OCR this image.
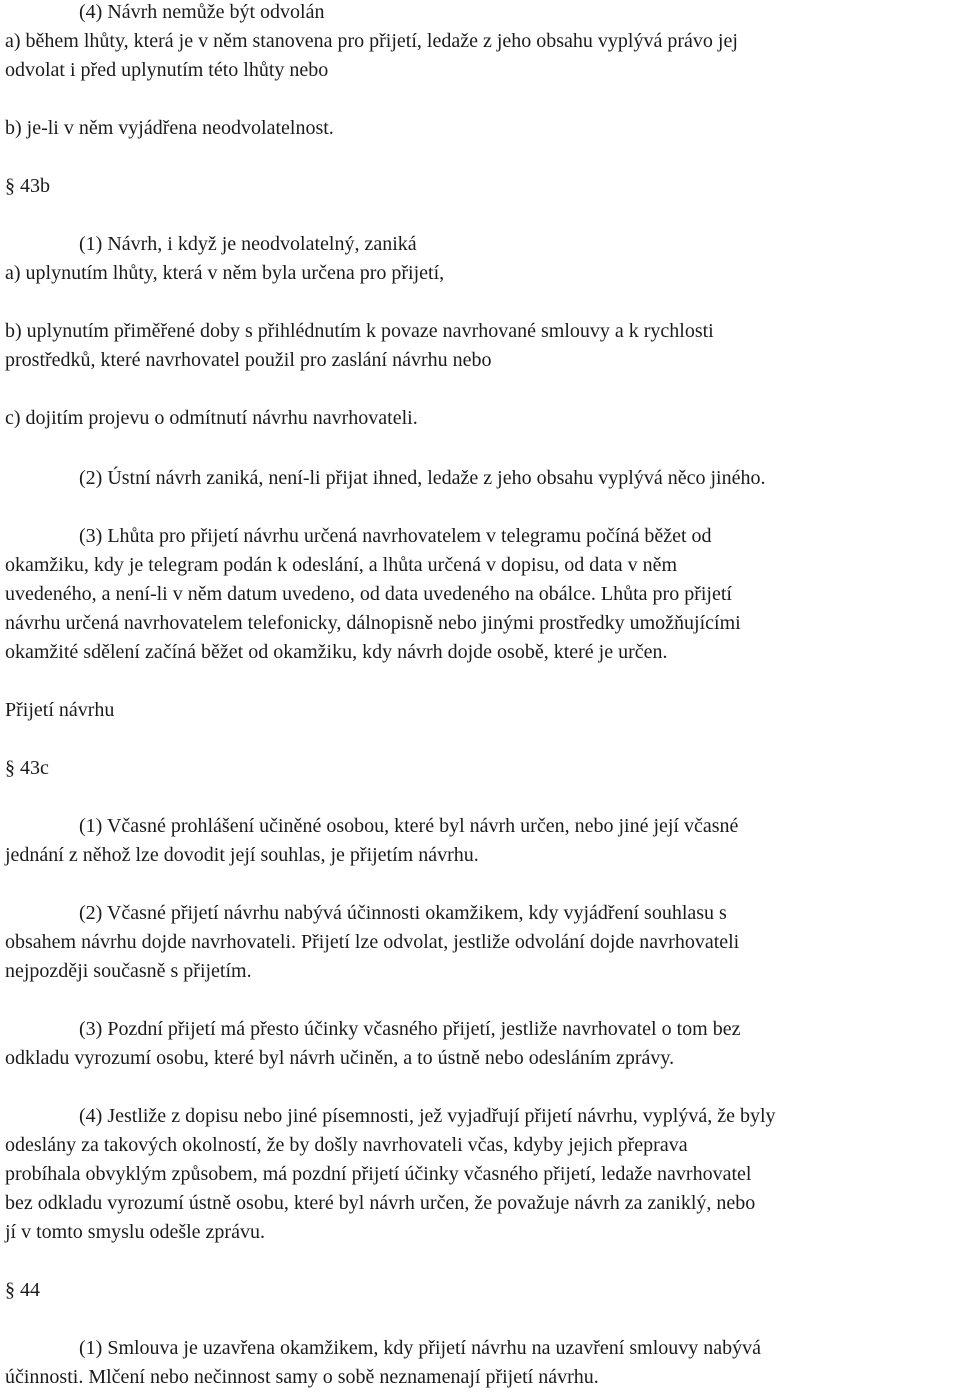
(4) Návrh nemůže být odvolán
a) během lhůty, která je v něm stanovena pro přijetí, ledaže z jeho obsahu vyplývá právo jej
odvolat i před uplynutím této lhůty nebo
b) je-li v něm vyjádřena neodvolatelnost.
§ 43b
(1) Návrh, i když je neodvolatelný, zaniká
a) uplynutím lhůty, která v něm byla určena pro přijetí,
b) uplynutím přiměřené doby s přihlédnutím k povaze navrhované smlouvy a k rychlosti
prostředků, které navrhovatel použil pro zaslání návrhu nebo
c) dojitím projevu o odmítnutí návrhu navrhovateli.
(2) Ústní návrh zaniká, není-li přijat ihned, ledaže z jeho obsahu vyplývá něco jiného.
(3) Lhůta pro přijetí návrhu určená navrhovatelem v telegramu počíná běžet od
okamžiku, kdy je telegram podán k odeslání, a lhůta určená v dopisu, od data v něm
uvedeného, a není-li v něm datum uvedeno, od data uvedeného na obálce. Lhůta pro přijetí
návrhu určená navrhovatelem telefonicky, dálnopisně nebo jinými prostředky umožňujícími
okamžité sdělení začíná běžet od okamžiku, kdy návrh dojde osobě, které je určen.
Přijetí návrhu
§ 43c
(1) Včasné prohlášení učiněné osobou, které byl návrh určen, nebo jiné její včasné
jednání z něhož lze dovodit její souhlas, je přijetím návrhu.
(2) Včasné přijetí návrhu nabývá účinnosti okamžikem, kdy vyjádření souhlasu s
obsahem návrhu dojde navrhovateli. Přijetí lze odvolat, jestliže odvolání dojde navrhovateli
nejpozději současně s přijetím.
(3) Pozdní přijetí má přesto účinky včasného přijetí, jestliže navrhovatel o tom bez
odkladu vyrozumí osobu, které byl návrh učiněn, a to ústně nebo odesláním zprávy.
(4) Jestliže z dopisu nebo jiné písemnosti, jež vyjadřují přijetí návrhu, vyplývá, že byly
odeslány za takových okolností, že by došly navrhovateli včas, kdyby jejich přeprava
probíhala obvyklým způsobem, má pozdní přijetí účinky včasného přijetí, ledaže navrhovatel
bez odkladu vyrozumí ústně osobu, které byl návrh určen, že považuje návrh za zaniklý, nebo
jí v tomto smyslu odešle zprávu.
§ 44
(1) Smlouva je uzavřena okamžikem, kdy přijetí návrhu na uzavření smlouvy nabývá
účinnosti. Mlčení nebo nečinnost samy o sobě neznamenají přijetí návrhu.
